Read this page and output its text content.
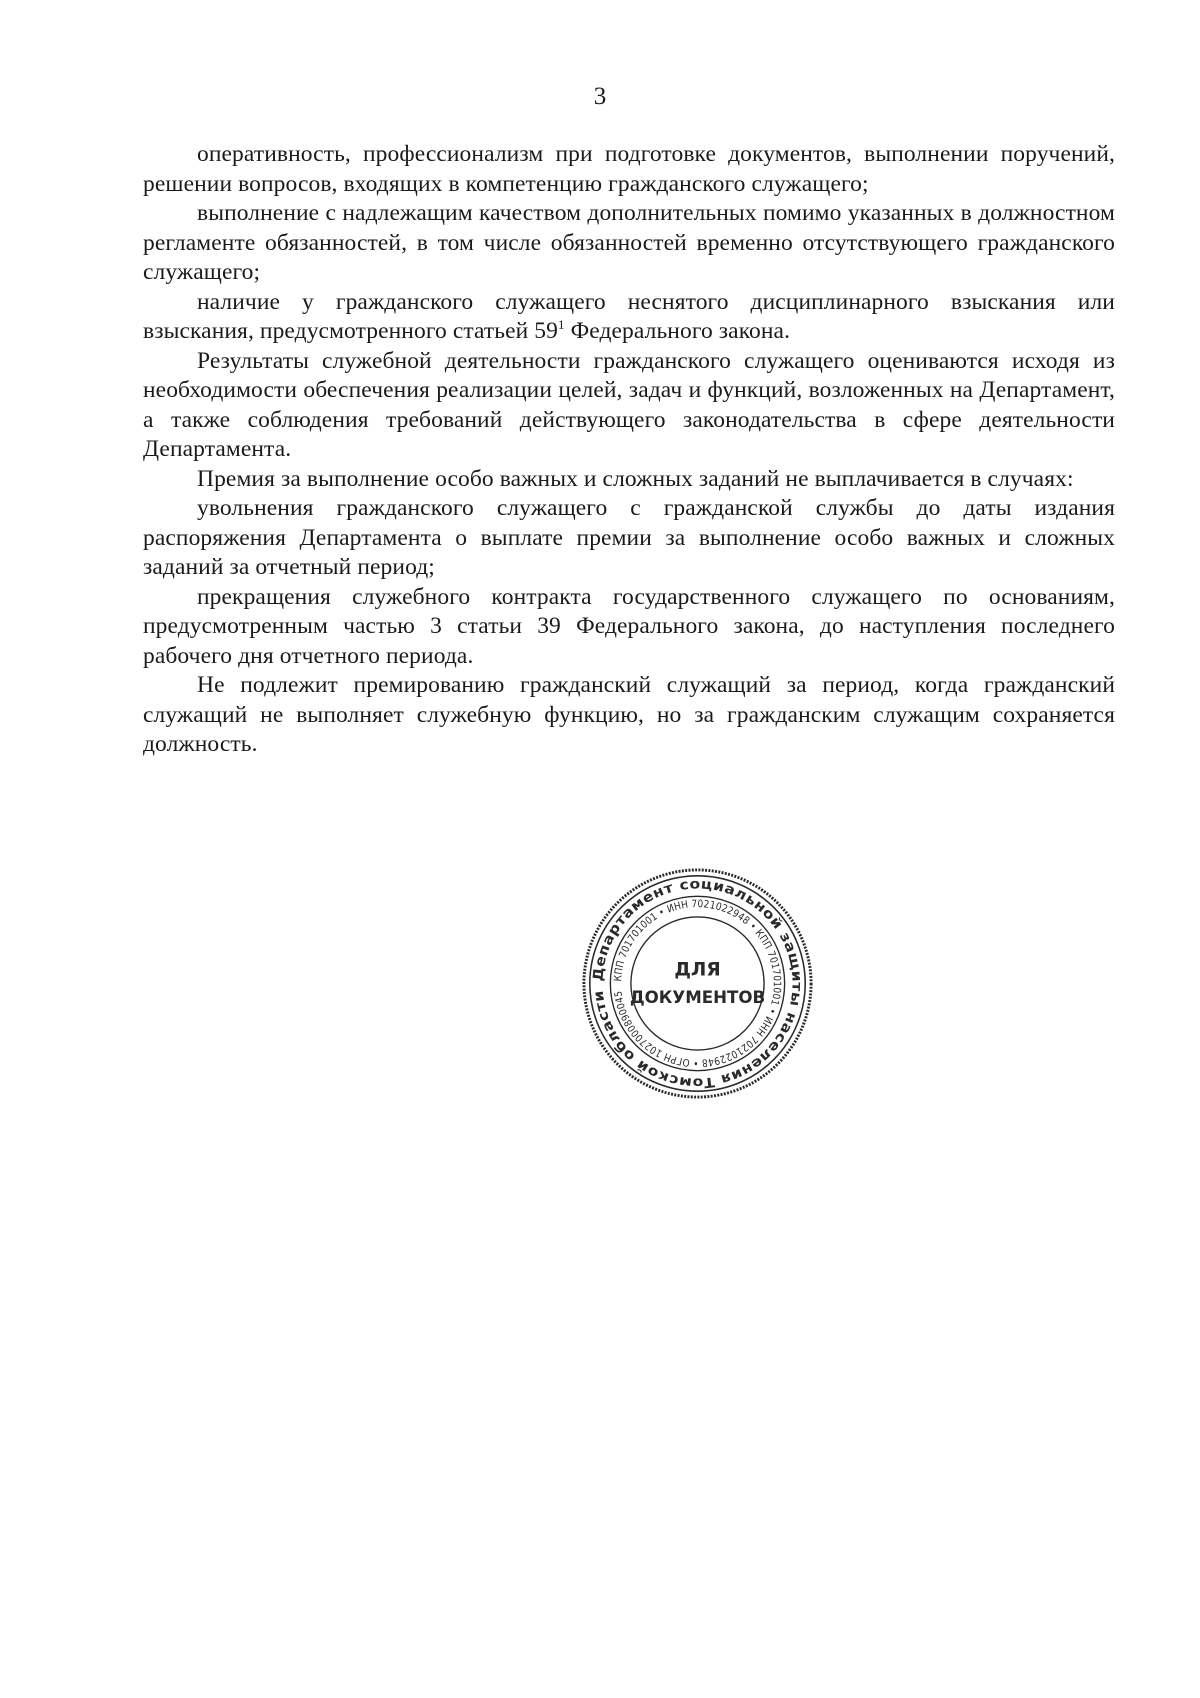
3

оперативность, профессионализм при подготовке документов, выполнении поручений, решении вопросов, входящих в компетенцию гражданского служащего;

выполнение с надлежащим качеством дополнительных помимо указанных в должностном регламенте обязанностей, в том числе обязанностей временно отсутствующего гражданского служащего;

наличие у гражданского служащего неснятого дисциплинарного взыскания или взыскания, предусмотренного статьей $59^1$ Федерального закона.

Результаты служебной деятельности гражданского служащего оцениваются исходя из необходимости обеспечения реализации целей, задач и функций, возложенных на Департамент, а также соблюдения требований действующего законодательства в сфере деятельности Департамента.

Премия за выполнение особо важных и сложных заданий не выплачивается в случаях:

увольнения гражданского служащего с гражданской службы до даты издания распоряжения Департамента о выплате премии за выполнение особо важных и сложных заданий за отчетный период;

прекращения служебного контракта государственного служащего по основаниям, предусмотренным частью 3 статьи 39 Федерального закона, до наступления последнего рабочего дня отчетного периода.

Не подлежит премированию гражданский служащий за период, когда гражданский служащий не выполняет служебную функцию, но за гражданским служащим сохраняется должность.

Департамент социальной защиты населения Томской области
КПП 701701001 • ИНН 7021022948 • КПП 701701001 • ИНН 7021022948 • ОГРН 1027000890045
ДЛЯ
ДОКУМЕНТОВ
